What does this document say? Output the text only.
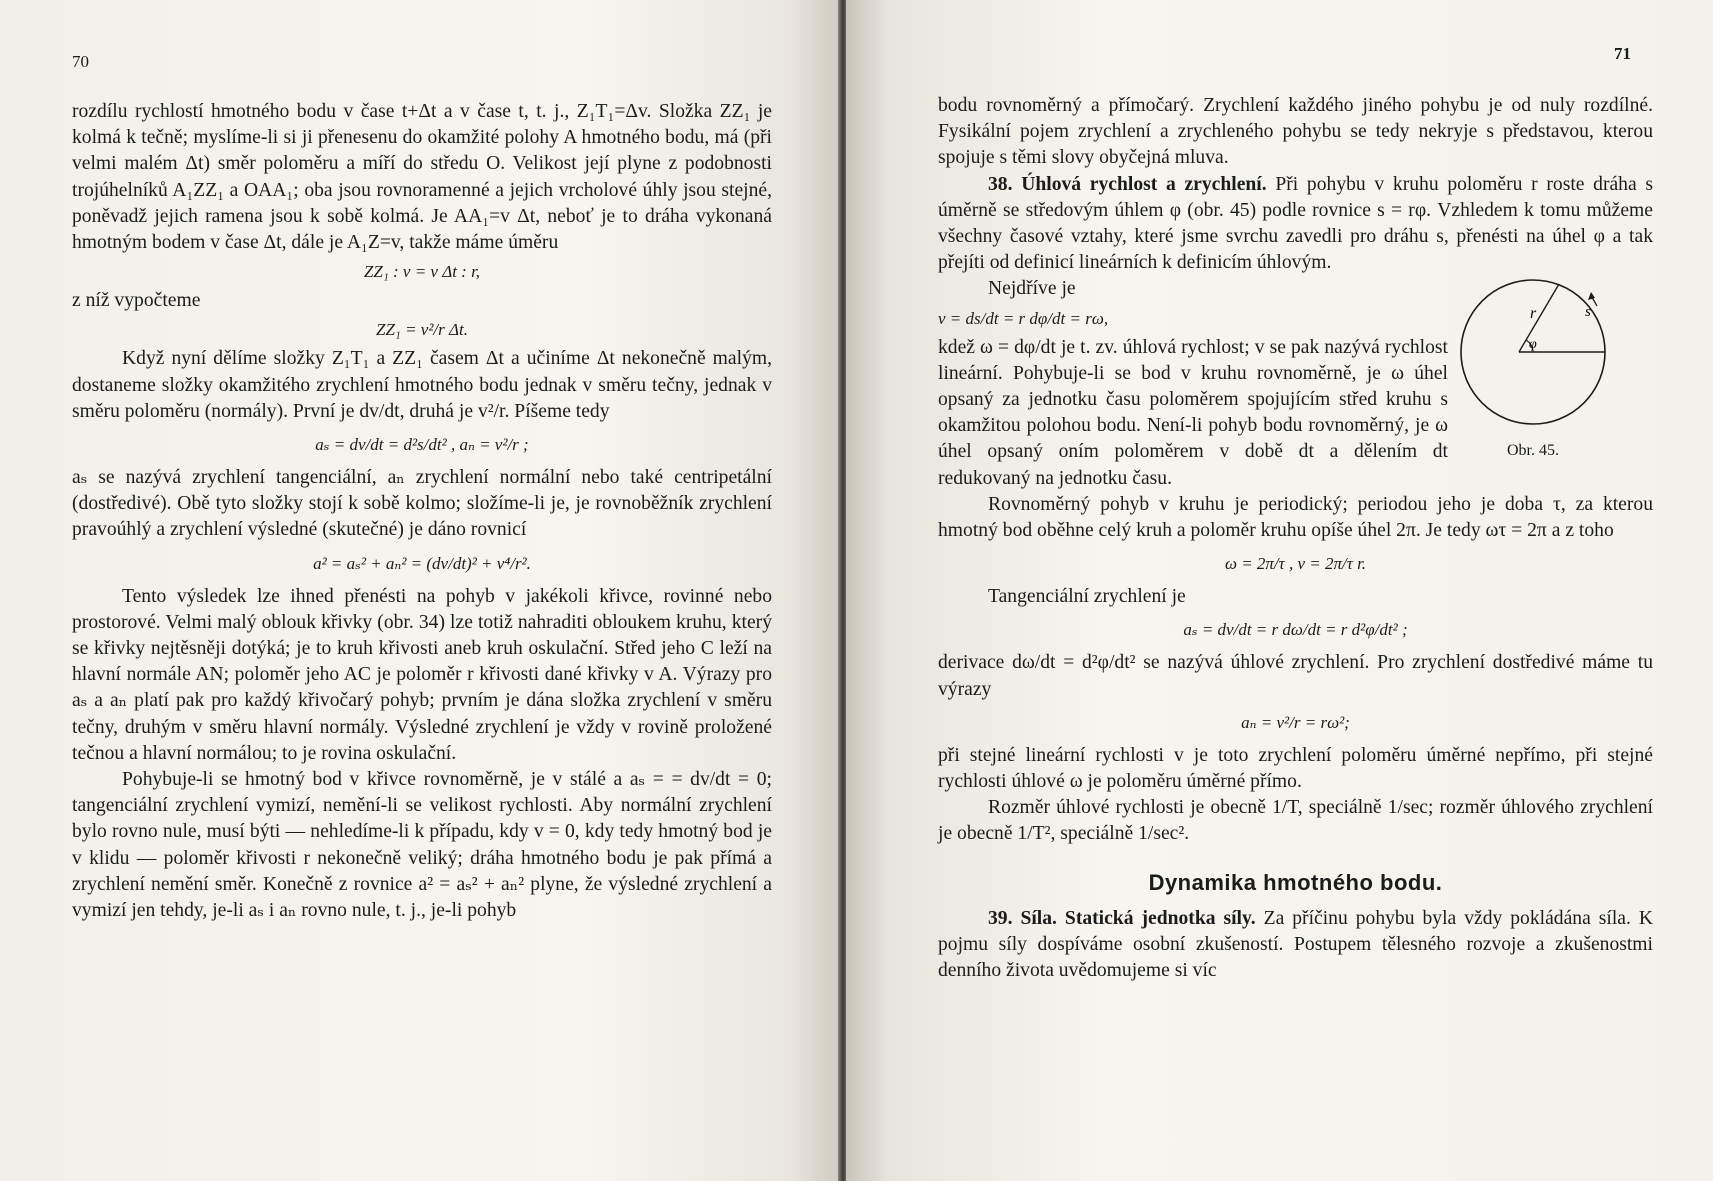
70

rozdílu rychlostí hmotného bodu v čase t+Δt a v čase t, t. j., Z₁T₁=Δv. Složka ZZ₁ je kolmá k tečně; myslíme-li si ji přenesenu do okamžité polohy A hmotného bodu, má (při velmi malém Δt) směr poloměru a míří do středu O. Velikost její plyne z podobnosti trojúhelníků A₁ZZ₁ a OAA₁; oba jsou rovnoramenné a jejich vrcholové úhly jsou stejné, poněvadž jejich ramena jsou k sobě kolmá. Je AA₁=v Δt, neboť je to dráha vykonaná hmotným bodem v čase Δt, dále je A₁Z=v, takže máme úměru

ZZ₁ : v = v Δt : r,

z níž vypočteme

ZZ₁ = v²/r Δt.

Když nyní dělíme složky Z₁T₁ a ZZ₁ časem Δt a učiníme Δt nekonečně malým, dostaneme složky okamžitého zrychlení hmotného bodu jednak v směru tečny, jednak v směru poloměru (normály). První je dv/dt, druhá je v²/r. Píšeme tedy

aₛ = dv/dt = d²s/dt² , aₙ = v²/r ;

aₛ se nazývá zrychlení tangenciální, aₙ zrychlení normální nebo také centripetální (dostředivé). Obě tyto složky stojí k sobě kolmo; složíme-li je, je rovnoběžník zrychlení pravoúhlý a zrychlení výsledné (skutečné) je dáno rovnicí

a² = aₛ² + aₙ² = (dv/dt)² + v⁴/r².

Tento výsledek lze ihned přenésti na pohyb v jakékoli křivce, rovinné nebo prostorové. Velmi malý oblouk křivky (obr. 34) lze totiž nahraditi obloukem kruhu, který se křivky nejtěsněji dotýká; je to kruh křivosti aneb kruh oskulační. Střed jeho C leží na hlavní normále AN; poloměr jeho AC je poloměr r křivosti dané křivky v A. Výrazy pro aₛ a aₙ platí pak pro každý křivočarý pohyb; prvním je dána složka zrychlení v směru tečny, druhým v směru hlavní normály. Výsledné zrychlení je vždy v rovině proložené tečnou a hlavní normálou; to je rovina oskulační.

Pohybuje-li se hmotný bod v křivce rovnoměrně, je v stálé a aₛ = = dv/dt = 0; tangenciální zrychlení vymizí, nemění-li se velikost rychlosti. Aby normální zrychlení bylo rovno nule, musí býti — nehledíme-li k případu, kdy v = 0, kdy tedy hmotný bod je v klidu — poloměr křivosti r nekonečně veliký; dráha hmotného bodu je pak přímá a zrychlení nemění směr. Konečně z rovnice a² = aₛ² + aₙ² plyne, že výsledné zrychlení a vymizí jen tehdy, je-li aₛ i aₙ rovno nule, t. j., je-li pohyb

71

bodu rovnoměrný a přímočarý. Zrychlení každého jiného pohybu je od nuly rozdílné. Fysikální pojem zrychlení a zrychleného pohybu se tedy nekryje s představou, kterou spojuje s těmi slovy obyčejná mluva.

38. Úhlová rychlost a zrychlení. Při pohybu v kruhu poloměru r roste dráha s úměrně se středovým úhlem φ (obr. 45) podle rovnice s = rφ. Vzhledem k tomu můžeme všechny časové vztahy, které jsme svrchu zavedli pro dráhu s, přenésti na úhel φ a tak přejíti od definicí lineárních k definicím úhlovým.

Nejdříve je

v = ds/dt = r dφ/dt = rω,

kdež ω = dφ/dt je t. zv. úhlová rychlost; v se pak nazývá rychlost lineární. Pohybuje-li se bod v kruhu rovnoměrně, je ω úhel opsaný za jednotku času poloměrem spojujícím střed kruhu s okamžitou polohou bodu. Není-li pohyb bodu rovnoměrný, je ω úhel opsaný oním poloměrem v době dt a dělením dt redukovaný na jednotku času.

Rovnoměrný pohyb v kruhu je periodický; periodou jeho je doba τ, za kterou hmotný bod oběhne celý kruh a poloměr kruhu opíše úhel 2π. Je tedy ωτ = 2π a z toho

ω = 2π/τ , v = 2π/τ r.

Tangenciální zrychlení je

aₛ = dv/dt = r dω/dt = r d²φ/dt² ;

derivace dω/dt = d²φ/dt² se nazývá úhlové zrychlení. Pro zrychlení dostředivé máme tu výrazy

aₙ = v²/r = rω²;

při stejné lineární rychlosti v je toto zrychlení poloměru úměrné nepřímo, při stejné rychlosti úhlové ω je poloměru úměrné přímo.

Rozměr úhlové rychlosti je obecně 1/T, speciálně 1/sec; rozměr úhlového zrychlení je obecně 1/T², speciálně 1/sec².

Dynamika hmotného bodu.

39. Síla. Statická jednotka síly. Za příčinu pohybu byla vždy pokládána síla. K pojmu síly dospíváme osobní zkušeností. Postupem tělesného rozvoje a zkušenostmi denního života uvědomujeme si víc

r	s
φ
Obr. 45.
